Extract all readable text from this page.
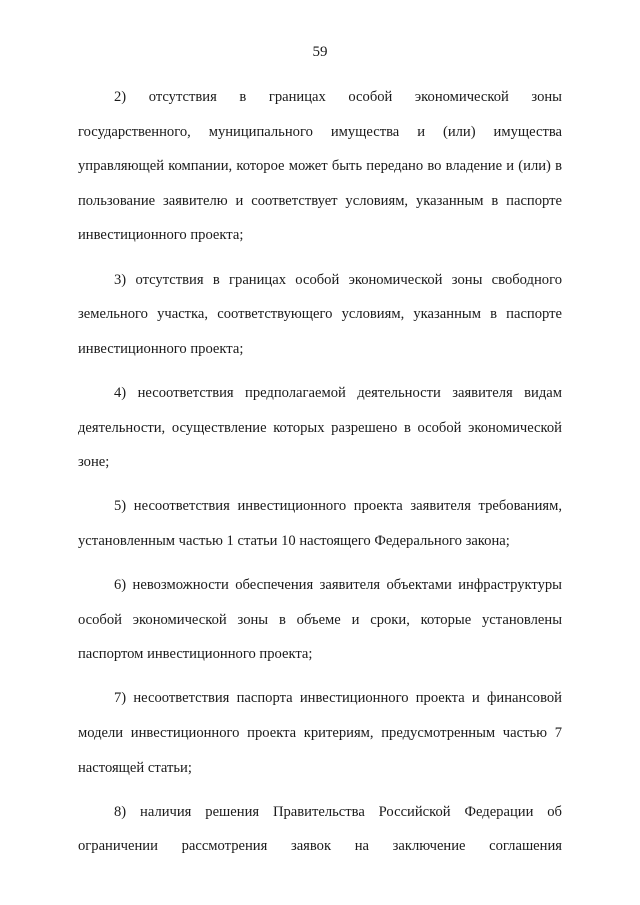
59

2) отсутствия в границах особой экономической зоны государственного, муниципального имущества и (или) имущества управляющей компании, которое может быть передано во владение и (или) в пользование заявителю и соответствует условиям, указанным в паспорте инвестиционного проекта;

3) отсутствия в границах особой экономической зоны свободного земельного участка, соответствующего условиям, указанным в паспорте инвестиционного проекта;

4) несоответствия предполагаемой деятельности заявителя видам деятельности, осуществление которых разрешено в особой экономической зоне;

5) несоответствия инвестиционного проекта заявителя требованиям, установленным частью 1 статьи 10 настоящего Федерального закона;

6) невозможности обеспечения заявителя объектами инфраструктуры особой экономической зоны в объеме и сроки, которые установлены паспортом инвестиционного проекта;

7) несоответствия паспорта инвестиционного проекта и финансовой модели инвестиционного проекта критериям, предусмотренным частью 7 настоящей статьи;

8) наличия решения Правительства Российской Федерации об ограничении рассмотрения заявок на заключение соглашения
